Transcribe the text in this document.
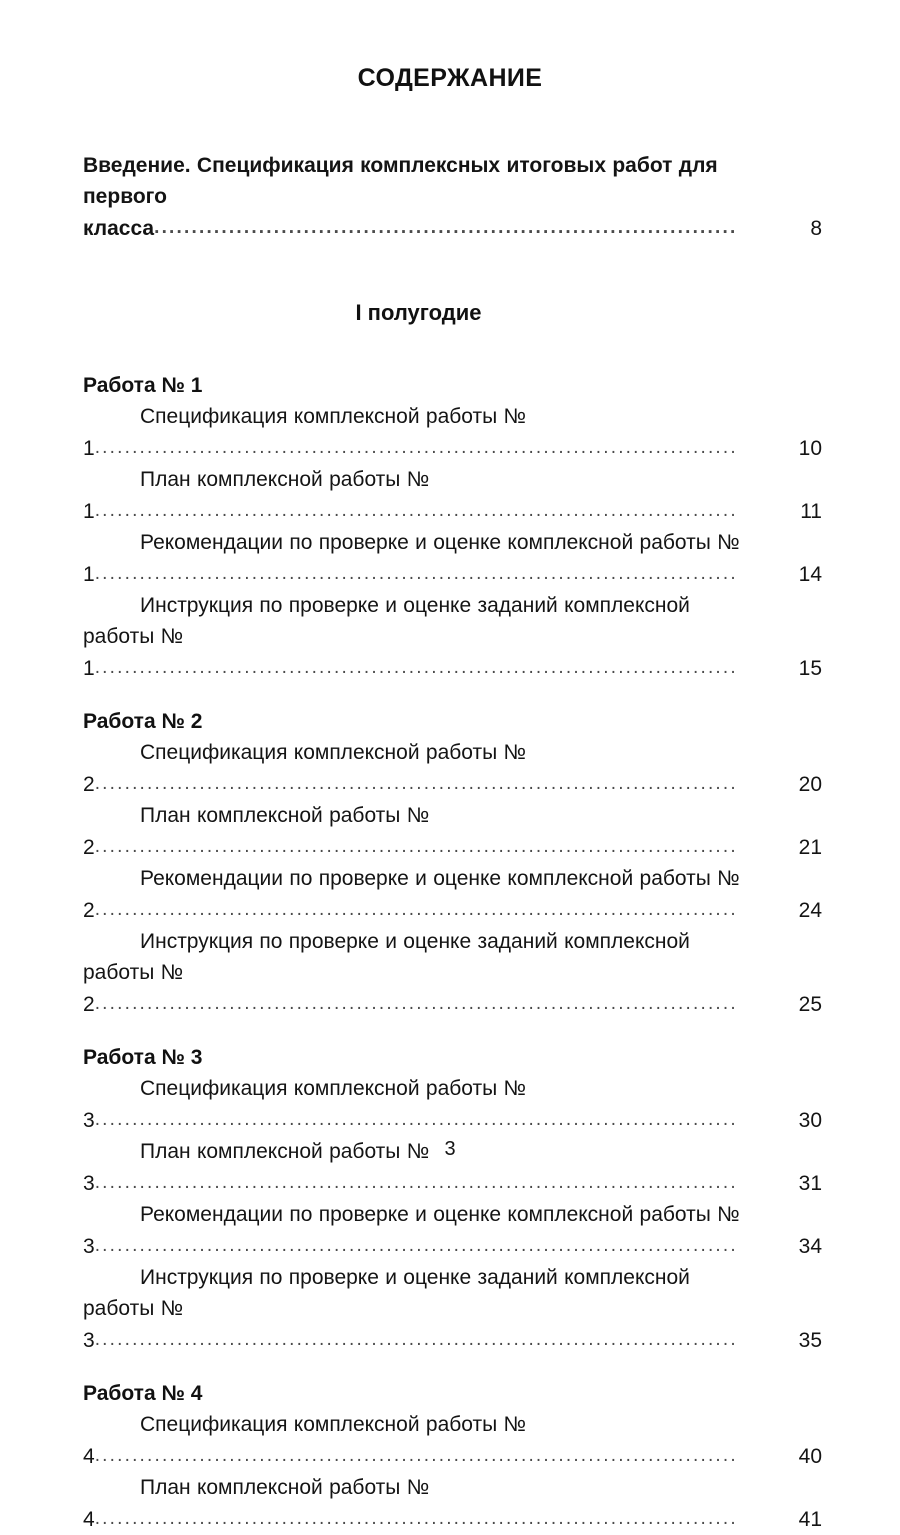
СОДЕРЖАНИЕ
Введение. Спецификация комплексных итоговых работ для первого класса..............................................................................	8
I полугодие
Работа № 1
Спецификация комплексной работы № 1......................................................................................	10
План комплексной работы № 1......................................................................................	11
Рекомендации по проверке и оценке комплексной работы № 1......................................................................................	14
Инструкция по проверке и оценке заданий комплексной работы № 1......................................................................................	15
Работа № 2
Спецификация комплексной работы № 2......................................................................................	20
План комплексной работы № 2......................................................................................	21
Рекомендации по проверке и оценке комплексной работы № 2......................................................................................	24
Инструкция по проверке и оценке заданий комплексной работы № 2......................................................................................	25
Работа № 3
Спецификация комплексной работы № 3......................................................................................	30
План комплексной работы № 3......................................................................................	31
Рекомендации по проверке и оценке комплексной работы № 3......................................................................................	34
Инструкция по проверке и оценке заданий комплексной работы № 3......................................................................................	35
Работа № 4
Спецификация комплексной работы № 4......................................................................................	40
План комплексной работы № 4......................................................................................	41
3
